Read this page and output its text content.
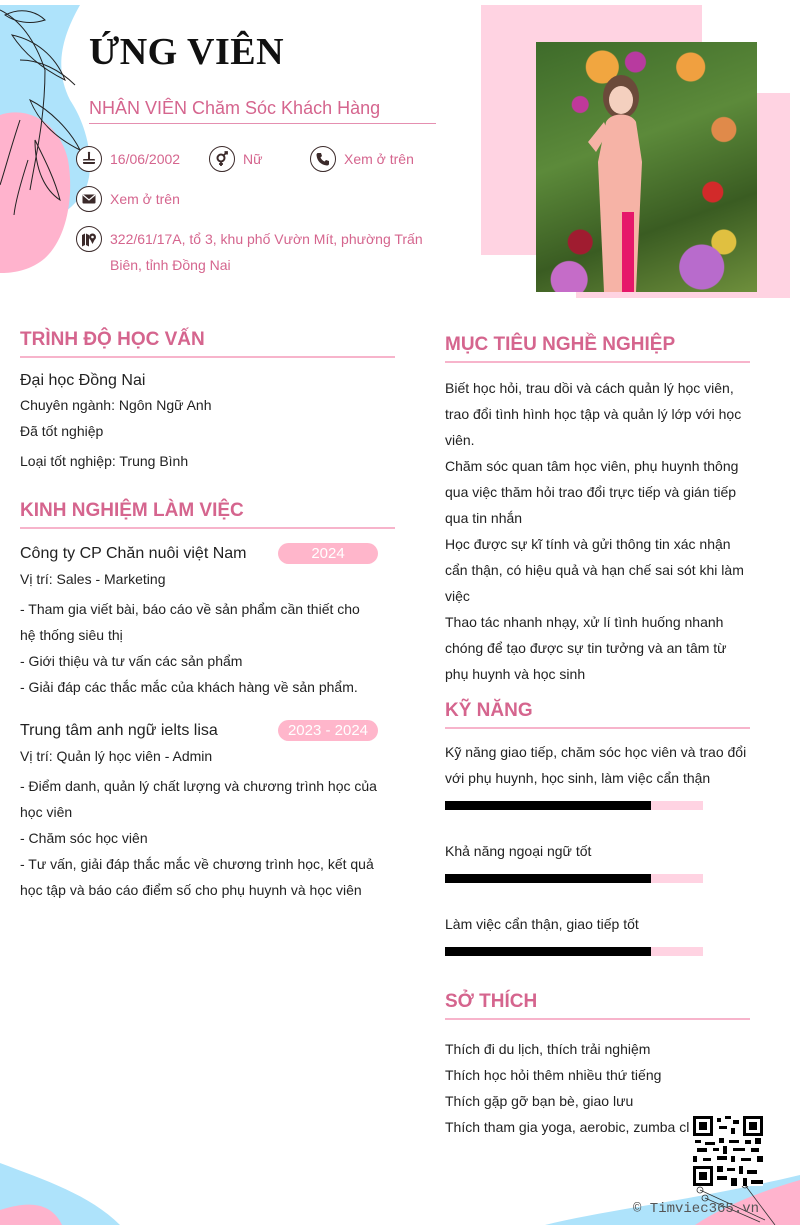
ỨNG VIÊN
NHÂN VIÊN Chăm Sóc Khách Hàng
16/06/2002	Nữ	Xem ở trên
Xem ở trên
322/61/17A, tổ 3, khu phố Vườn Mít, phường Trấn Biên, tỉnh Đồng Nai
TRÌNH ĐỘ HỌC VẤN
Đại học Đồng Nai
Chuyên ngành: Ngôn Ngữ Anh
Đã tốt nghiệp
Loại tốt nghiệp: Trung Bình
KINH NGHIỆM LÀM VIỆC
Công ty CP Chăn nuôi việt Nam	2024
Vị trí: Sales - Marketing
- Tham gia viết bài, báo cáo về sản phẩm cần thiết cho hệ thống siêu thị
- Giới thiệu và tư vấn các sản phẩm
- Giải đáp các thắc mắc của khách hàng về sản phẩm.
Trung tâm anh ngữ ielts lisa	2023 - 2024
Vị trí: Quản lý học viên - Admin
- Điểm danh, quản lý chất lượng và chương trình học của học viên
- Chăm sóc học viên
- Tư vấn, giải đáp thắc mắc về chương trình học, kết quả học tập và báo cáo điểm số cho phụ huynh và học viên
MỤC TIÊU NGHỀ NGHIỆP
Biết học hỏi, trau dồi và cách quản lý học viên, trao đổi tình hình học tập và quản lý lớp với học viên.
Chăm sóc quan tâm học viên, phụ huynh thông qua việc thăm hỏi trao đổi trực tiếp và gián tiếp qua tin nhắn
Học được sự kĩ tính và gửi thông tin xác nhận cẩn thận, có hiệu quả và hạn chế sai sót khi làm việc
Thao tác nhanh nhạy, xử lí tình huống nhanh chóng để tạo được sự tin tưởng và an tâm từ phụ huynh và học sinh
KỸ NĂNG
Kỹ năng giao tiếp, chăm sóc học viên và trao đổi với phụ huynh, học sinh, làm việc cẩn thận
Khả năng ngoại ngữ tốt
Làm việc cẩn thận, giao tiếp tốt
SỞ THÍCH
Thích đi du lịch, thích trải nghiệm
Thích học hỏi thêm nhiều thứ tiếng
Thích gặp gỡ bạn bè, giao lưu
Thích tham gia yoga, aerobic, zumba cl
© Timviec365.vn
